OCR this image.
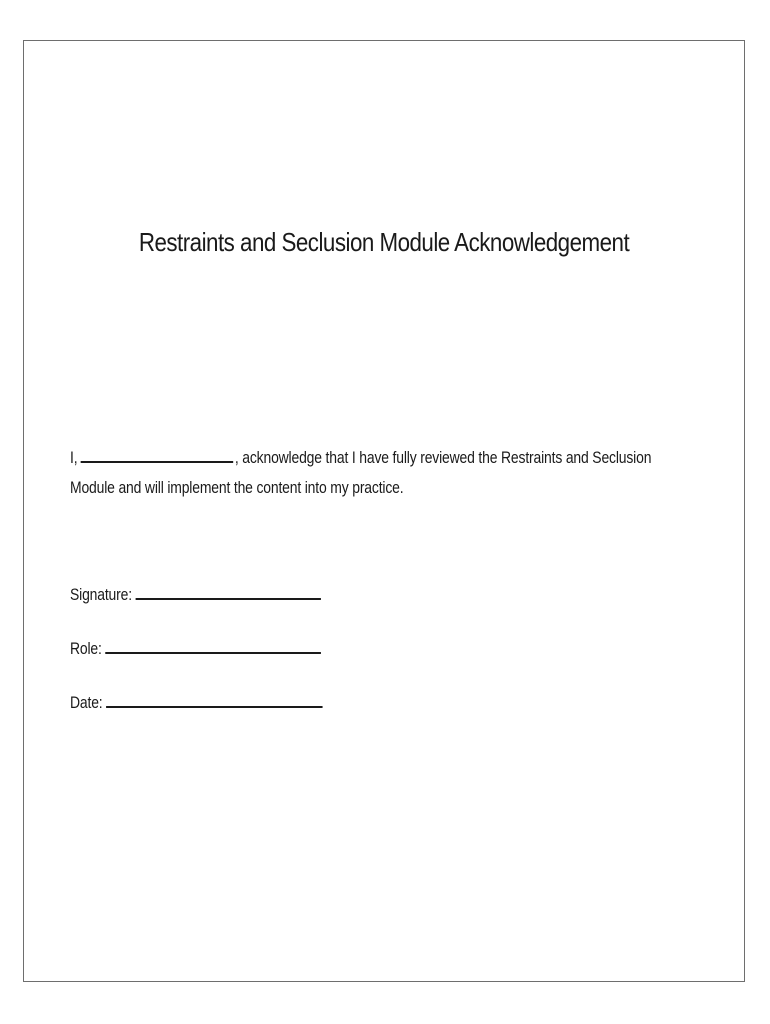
Restraints and Seclusion Module Acknowledgement
I,	, acknowledge that I have fully reviewed the Restraints and Seclusion
Module and will implement the content into my practice.
Signature:
Role:
Date:
